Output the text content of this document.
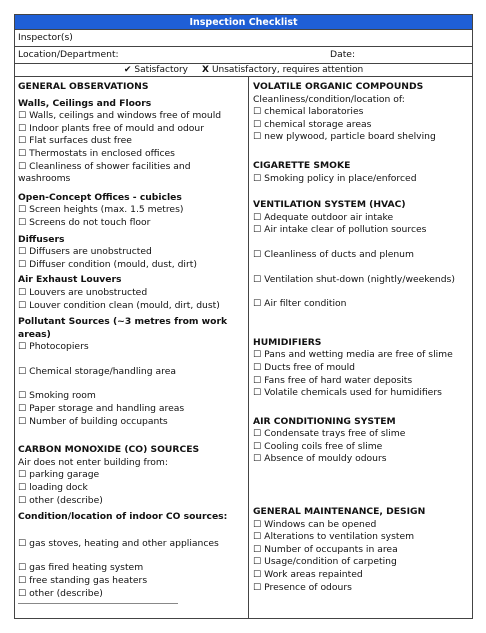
Inspection Checklist
Inspector(s)
Location/Department:	Date:
✔ Satisfactory X Unsatisfactory, requires attention
GENERAL OBSERVATIONS
Walls, Ceilings and Floors
☐ Walls, ceilings and windows free of mould
☐ Indoor plants free of mould and odour
☐ Flat surfaces dust free
☐ Thermostats in enclosed offices
☐ Cleanliness of shower facilities and
washrooms
Open-Concept Offices - cubicles
☐ Screen heights (max. 1.5 metres)
☐ Screens do not touch floor
Diffusers
☐ Diffusers are unobstructed
☐ Diffuser condition (mould, dust, dirt)
Air Exhaust Louvers
☐ Louvers are unobstructed
☐ Louver condition clean (mould, dirt, dust)
Pollutant Sources (~3 metres from work
areas)
☐ Photocopiers
☐ Chemical storage/handling area
☐ Smoking room
☐ Paper storage and handling areas
☐ Number of building occupants
CARBON MONOXIDE (CO) SOURCES
Air does not enter building from:
☐ parking garage
☐ loading dock
☐ other (describe)
Condition/location of indoor CO sources:
☐ gas stoves, heating and other appliances
☐ gas fired heating system
☐ free standing gas heaters
☐ other (describe)
VOLATILE ORGANIC COMPOUNDS
Cleanliness/condition/location of:
☐ chemical laboratories
☐ chemical storage areas
☐ new plywood, particle board shelving
CIGARETTE SMOKE
☐ Smoking policy in place/enforced
VENTILATION SYSTEM (HVAC)
☐ Adequate outdoor air intake
☐ Air intake clear of pollution sources
☐ Cleanliness of ducts and plenum
☐ Ventilation shut-down (nightly/weekends)
☐ Air filter condition
HUMIDIFIERS
☐ Pans and wetting media are free of slime
☐ Ducts free of mould
☐ Fans free of hard water deposits
☐ Volatile chemicals used for humidifiers
AIR CONDITIONING SYSTEM
☐ Condensate trays free of slime
☐ Cooling coils free of slime
☐ Absence of mouldy odours
GENERAL MAINTENANCE, DESIGN
☐ Windows can be opened
☐ Alterations to ventilation system
☐ Number of occupants in area
☐ Usage/condition of carpeting
☐ Work areas repainted
☐ Presence of odours
